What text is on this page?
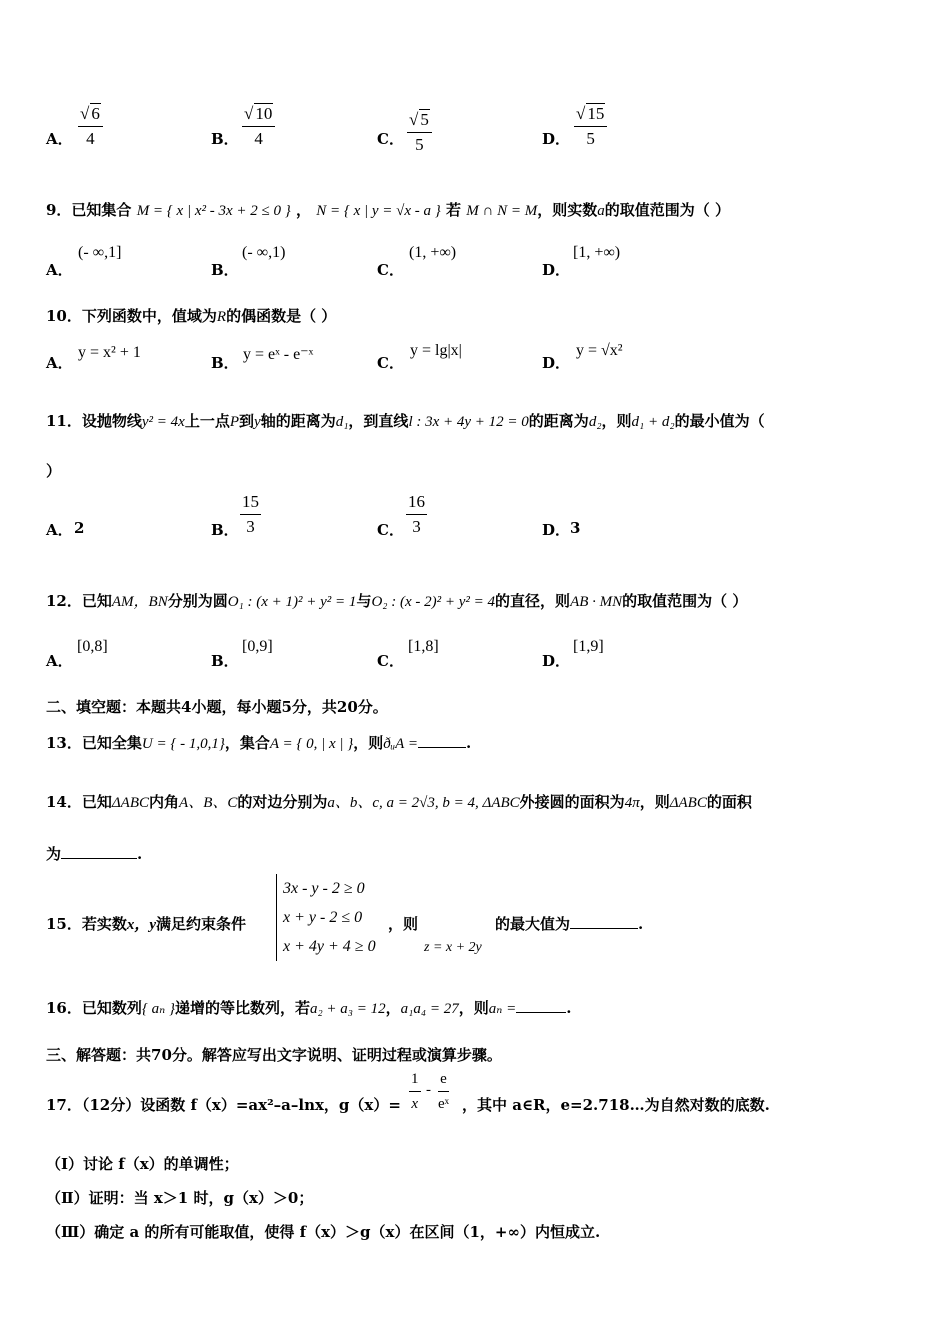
A． $\frac{√ 6}{4}$	B． $\frac{√ 10}{4}$	C． $\frac{√ 5}{5}$	D． $\frac{√ 15}{5}$
9．已知集合 M = { x | x² - 3x + 2 ≤ 0 } ， N = { x | y = √x - a } 若 M ∩ N = M，则实数a的取值范围为（ ）
A．
(- ∞,1]
B．
(- ∞,1)
C．
(1, +∞)
D．
[1, +∞)
10．下列函数中，值域为R的偶函数是（ ）
A．
y = x² + 1
B． y = eˣ - e⁻ˣ	C．
y = lg|x|
D．
y = √x²
11．设抛物线y² = 4x上一点P到y轴的距离为d₁，到直线l : 3x + 4y + 12 = 0的距离为d₂，则d₁ + d₂的最小值为（
）
A． 2	B． $\frac{15}{3}$	C． $\frac{16}{3}$	D． 3
12．已知AM，BN分别为圆O₁ : (x + 1)² + y² = 1与O₂ : (x - 2)² + y² = 4的直径，则AB · MN的取值范围为（ ）
A．
[0,8]
B．
[0,9]
C．
[1,8]
D．
[1,9]
二、填空题：本题共4小题，每小题5分，共20分。
13．已知全集U = { - 1,0,1}，集合A = { 0, | x | }，则ðᵤA =	.
14．已知ΔABC内角A、B、C的对边分别为a、b、c, a = 2√3, b = 4, ΔABC外接圆的面积为4π，则ΔABC的面积
为	.
15．若实数x，y满足约束条件
3x - y - 2 ≥ 0
x + y - 2 ≤ 0
x + 4y + 4 ≥ 0
，则
z = x + 2y
的最大值为	.
16．已知数列{ aₙ }递增的等比数列，若a₂ + a₃ = 12，a₁a₄ = 27，则aₙ =	.
三、解答题：共70分。解答应写出文字说明、证明过程或演算步骤。
17．（12分）设函数 f（x）=ax²–a–lnx，$g(x)= \frac{1}{x} - \frac{e}{\text{eˣ}}$ ，其中 a∈R，e=2.718…为自然对数的底数.
（Ⅰ）讨论 f（x）的单调性；
（Ⅱ）证明：当 x＞1 时，g（x）＞0；
（Ⅲ）确定 a 的所有可能取值，使得 f（x）＞g（x）在区间（1，+∞）内恒成立.
